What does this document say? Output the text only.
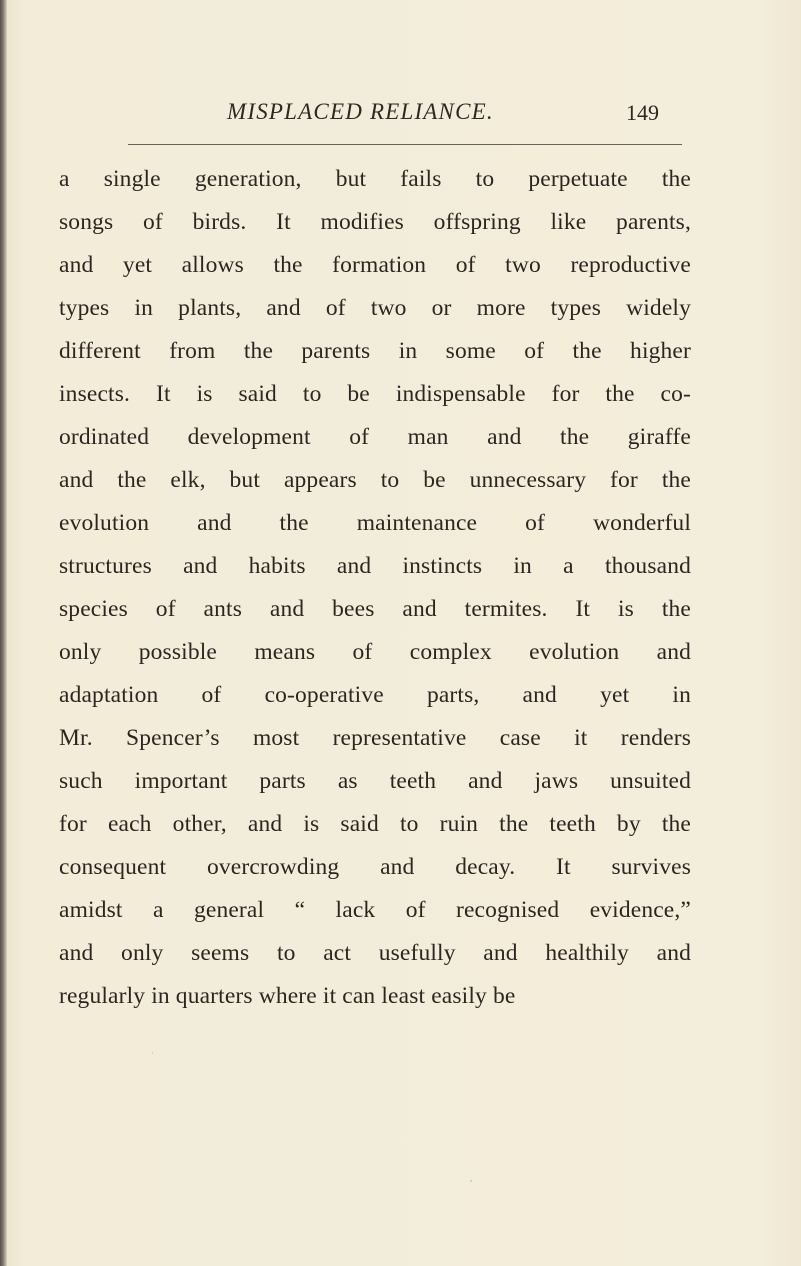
MISPLACED RELIANCE.	149
a single generation, but fails to perpetuate the
songs of birds. It modifies offspring like parents,
and yet allows the formation of two reproductive
types in plants, and of two or more types widely
different from the parents in some of the higher
insects. It is said to be indispensable for the co-
ordinated development of man and the giraffe
and the elk, but appears to be unnecessary for the
evolution and the maintenance of wonderful
structures and habits and instincts in a thousand
species of ants and bees and termites. It is the
only possible means of complex evolution and
adaptation of co-operative parts, and yet in
Mr. Spencer’s most representative case it renders
such important parts as teeth and jaws unsuited
for each other, and is said to ruin the teeth by the
consequent overcrowding and decay. It survives
amidst a general “ lack of recognised evidence,”
and only seems to act usefully and healthily and
regularly in quarters where it can least easily be
